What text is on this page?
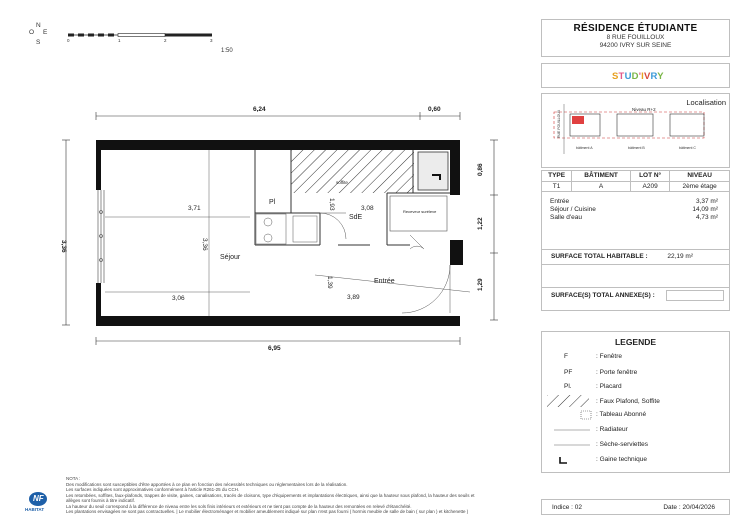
N
O E
S	0	1	2	3
1:50
6,24	0,60
3,36
0,86
1,22
1,29
6,95
Pl
3,71
3,36
Séjour
3,06
soffite
1,93	3,08
SdE
Receveur suréleve
1,39	Entrée
3,89
RÉSIDENCE ÉTUDIANTE
8 RUE FOUILLOUX
94200 IVRY SUR SEINE
STUD'IVRY
Localisation
Niveau R+2
RUE FOUILLOUX
bâtiment A	bâtiment B	bâtiment C
TYPE	BÂTIMENT	LOT N°	NIVEAU
T1	A	A209	2ème étage
Entrée	3,37 m²
Séjour / Cuisine	14,09 m²
Salle d'eau	4,73 m²
SURFACE TOTAL HABITABLE :	22,19 m²
SURFACE(S) TOTAL ANNEXE(S) :
LEGENDE
F	: Fenêtre
PF	: Porte fenêtre
Pl.	: Placard
: Faux Plafond, Soffite
: Tableau Abonné
: Radiateur
: Sèche-serviettes
: Gaine technique
Indice : 02	Date : 20/04/2026
NF
HABITAT
NOTA :
Des modifications sont susceptibles d'être apportées à ce plan en fonction des nécessités techniques ou réglementaires lors de la réalisation.
Les surfaces indiquées sont approximatives conformément à l'article R261-25 du CCH.
Les retombées, soffites, faux-plafonds, trappes de visite, gaines, canalisations, tracés de cloisons, type d'équipements et implantations électriques, ainsi que la hauteur sous plafond, la hauteur des seuils et allèges sont fournis à titre indicatif.
La hauteur du seuil correspond à la différence de niveau entre les sols finis intérieurs et extérieurs et ne tient pas compte de la hauteur des remontées en relevé d'étanchéité.
Les plantations envisagées ne sont pas contractuelles. | Le mobilier électroménager et mobilier ameublement indiqué sur plan n'est pas fourni ( hormis meuble de salle de bain ( sur plan ) et kitchenette )
